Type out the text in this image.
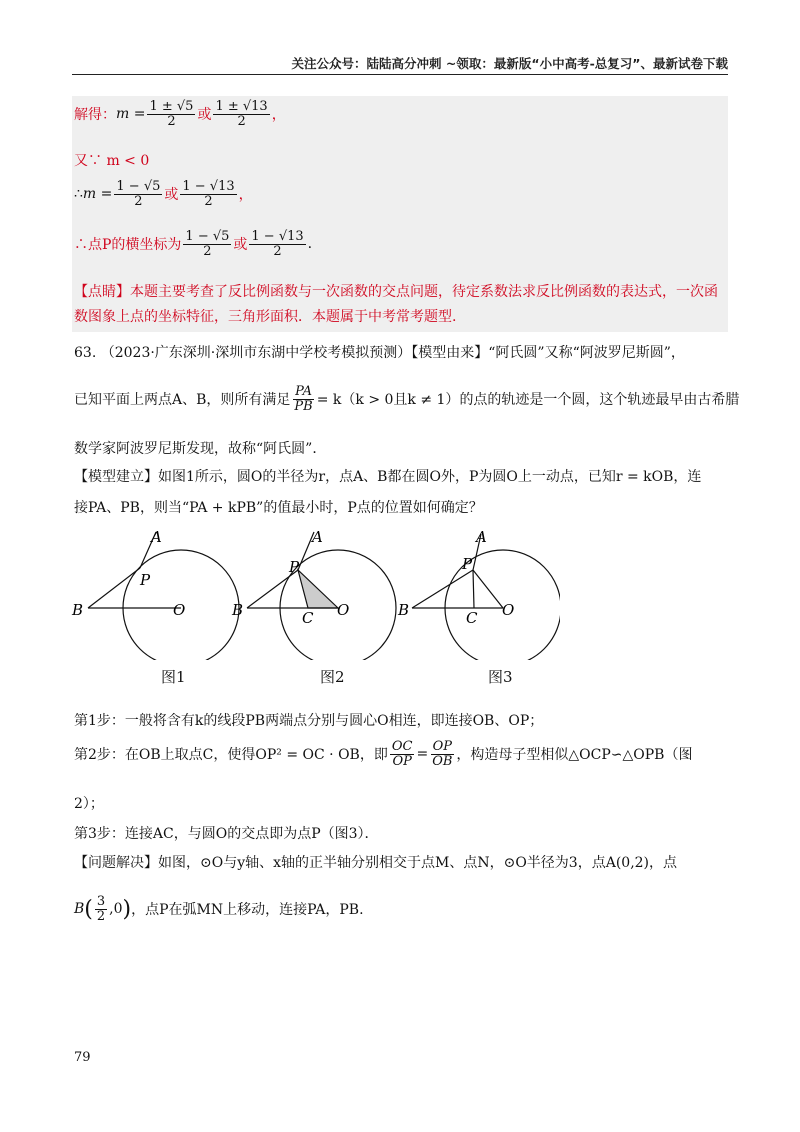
关注公众号：陆陆高分冲刺 ~领取：最新版“小中高考-总复习”、最新试卷下载
解得： $m = \frac{1 \pm √5}{2}$ 或 $\frac{1 \pm √13}{2}$ ，
又∵ m < 0
∴ $m = \frac{1 - √5}{2}$ 或 $\frac{1 - √13}{2}$ ，
∴点P的横坐标为 $\frac{1 - √5}{2}$ 或 $\frac{1 - √13}{2}$ .
【点睛】本题主要考查了反比例函数与一次函数的交点问题，待定系数法求反比例函数的表达式，一次函数图象上点的坐标特征，三角形面积．本题属于中考常考题型.
63. （2023·广东深圳·深圳市东湖中学校考模拟预测）【模型由来】“阿氏圆”又称“阿波罗尼斯圆”，
已知平面上两点A、B，则所有满足 $\frac{PA}{PB} = k(k > 0$且k ≠ 1） 的点的轨迹是一个圆，这个轨迹最早由古希腊
数学家阿波罗尼斯发现，故称“阿氏圆”．
【模型建立】如图1所示，圆O的半径为r，点A、B都在圆O外，P为圆O上一动点，已知r = kOB，连
接PA、PB，则当“PA + kPB”的值最小时，P点的位置如何确定？
A
P
B	O
A
P
B	O
C
A
P
B	O
C
图1	图2	图3
第1步：一般将含有k的线段PB两端点分别与圆心O相连，即连接OB、OP；
第2步：在OB上取点C，使得OP² = OC · OB，即 $\frac{OC}{OP} = \frac{OP}{OB}$ ，构造母子型相似△OCP∽△OPB（图
2）；
第3步：连接AC，与圆O的交点即为点P（图3）．
【问题解决】如图，⊙O与y轴、x轴的正半轴分别相交于点M、点N，⊙O半径为3，点A(0,2)，点
B ( $\frac{3}{2} ,0$ ) ，点P在弧MN上移动，连接PA，PB.
79
